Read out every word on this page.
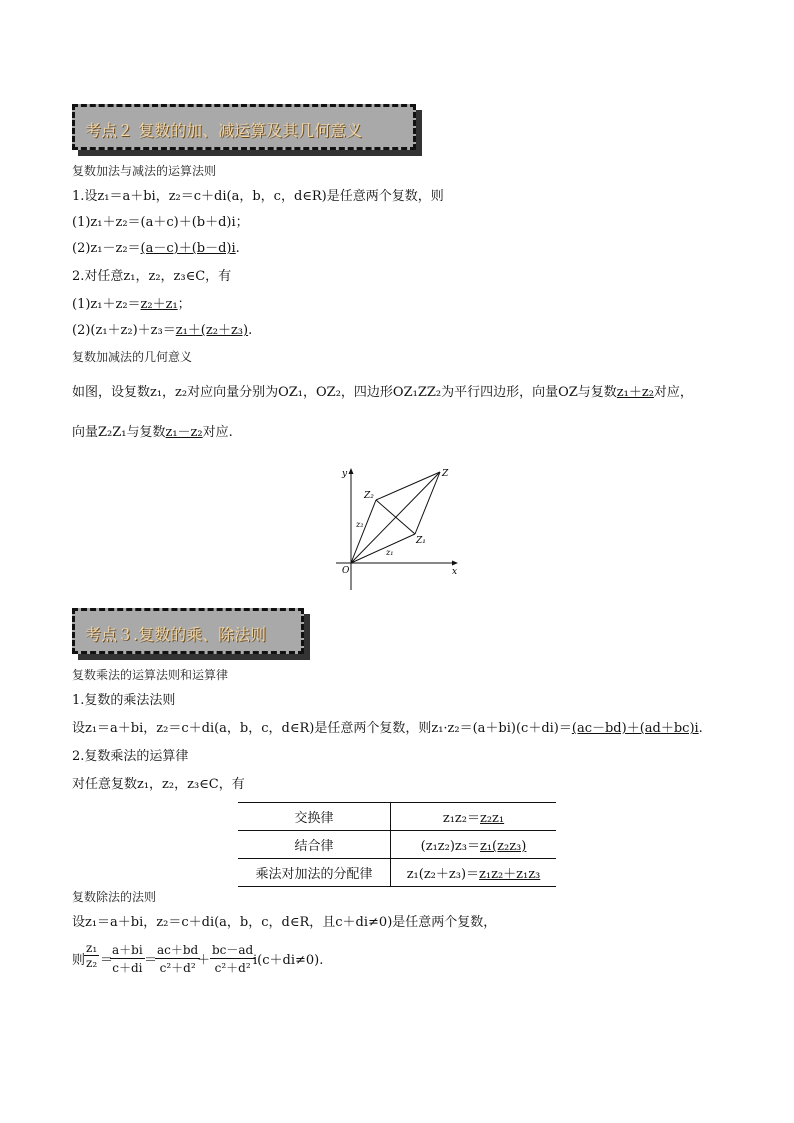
考点２ 复数的加、减运算及其几何意义
复数加法与减法的运算法则
1.设z₁＝a＋bi，z₂＝c＋di(a，b，c，d∈R)是任意两个复数，则
(1)z₁＋z₂＝(a＋c)＋(b＋d)i；
(2)z₁－z₂＝(a－c)＋(b－d)i.
2.对任意z₁，z₂，z₃∈C，有
(1)z₁＋z₂＝z₂＋z₁；
(2)(z₁＋z₂)＋z₃＝z₁＋(z₂＋z₃).
复数加减法的几何意义
如图，设复数z₁，z₂对应向量分别为OZ₁，OZ₂，四边形OZ₁ZZ₂为平行四边形，向量OZ与复数z₁＋z₂对应，
向量Z₂Z₁与复数z₁－z₂对应.
y
x
O
Z
Z₁
Z₂
z₁
z₂
考点３.复数的乘、除法则
复数乘法的运算法则和运算律
1.复数的乘法法则
设z₁＝a＋bi，z₂＝c＋di(a，b，c，d∈R)是任意两个复数，则z₁·z₂＝(a＋bi)(c＋di)＝(ac－bd)＋(ad＋bc)i.
2.复数乘法的运算律
对任意复数z₁，z₂，z₃∈C，有
交换律	z₁z₂＝z₂z₁
结合律	(z₁z₂)z₃＝z₁(z₂z₃)
乘法对加法的分配律	z₁(z₂＋z₃)＝z₁z₂＋z₁z₃
复数除法的法则
设z₁＝a＋bi，z₂＝c＋di(a，b，c，d∈R，且c＋di≠0)是任意两个复数，
则
$\frac{\text{z₁}}{\text{z₂}}$ ＝
$\frac{a+bi}{c+di}$ ＝
$\frac{ac+bd}{\text{c²＋d²}}$
＋ $\frac{bc-ad}{\text{c²＋d²}}$
i(c＋di≠0).
